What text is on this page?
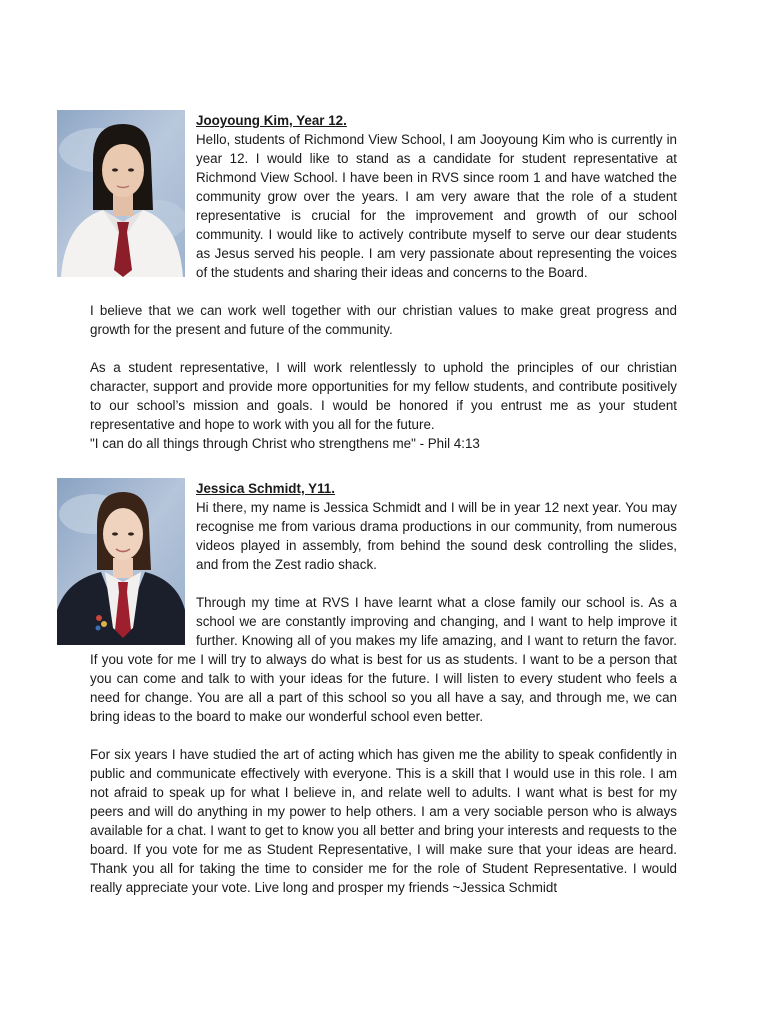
Jooyoung Kim, Year 12.

Hello, students of Richmond View School, I am Jooyoung Kim who is currently in year 12. I would like to stand as a candidate for student representative at Richmond View School. I have been in RVS since room 1 and have watched the community grow over the years. I am very aware that the role of a student representative is crucial for the improvement and growth of our school community. I would like to actively contribute myself to serve our dear students as Jesus served his people. I am very passionate about representing the voices of the students and sharing their ideas and concerns to the Board.

I believe that we can work well together with our christian values to make great progress and growth for the present and future of the community.

As a student representative, I will work relentlessly to uphold the principles of our christian character, support and provide more opportunities for my fellow students, and contribute positively to our school’s mission and goals. I would be honored if you entrust me as your student representative and hope to work with you all for the future.

"I can do all things through Christ who strengthens me" - Phil 4:13

Jessica Schmidt, Y11.

Hi there, my name is Jessica Schmidt and I will be in year 12 next year. You may recognise me from various drama productions in our community, from numerous videos played in assembly, from behind the sound desk controlling the slides, and from the Zest radio shack.

Through my time at RVS I have learnt what a close family our school is. As a school we are constantly improving and changing, and I want to help improve it further. Knowing all of you makes my life amazing, and I want to return the favor. If you vote for me I will try to always do what is best for us as students. I want to be a person that you can come and talk to with your ideas for the future. I will listen to every student who feels a need for change. You are all a part of this school so you all have a say, and through me, we can bring ideas to the board to make our wonderful school even better.

For six years I have studied the art of acting which has given me the ability to speak confidently in public and communicate effectively with everyone. This is a skill that I would use in this role. I am not afraid to speak up for what I believe in, and relate well to adults. I want what is best for my peers and will do anything in my power to help others. I am a very sociable person who is always available for a chat. I want to get to know you all better and bring your interests and requests to the board. If you vote for me as Student Representative, I will make sure that your ideas are heard. Thank you all for taking the time to consider me for the role of Student Representative. I would really appreciate your vote. Live long and prosper my friends ~Jessica Schmidt
